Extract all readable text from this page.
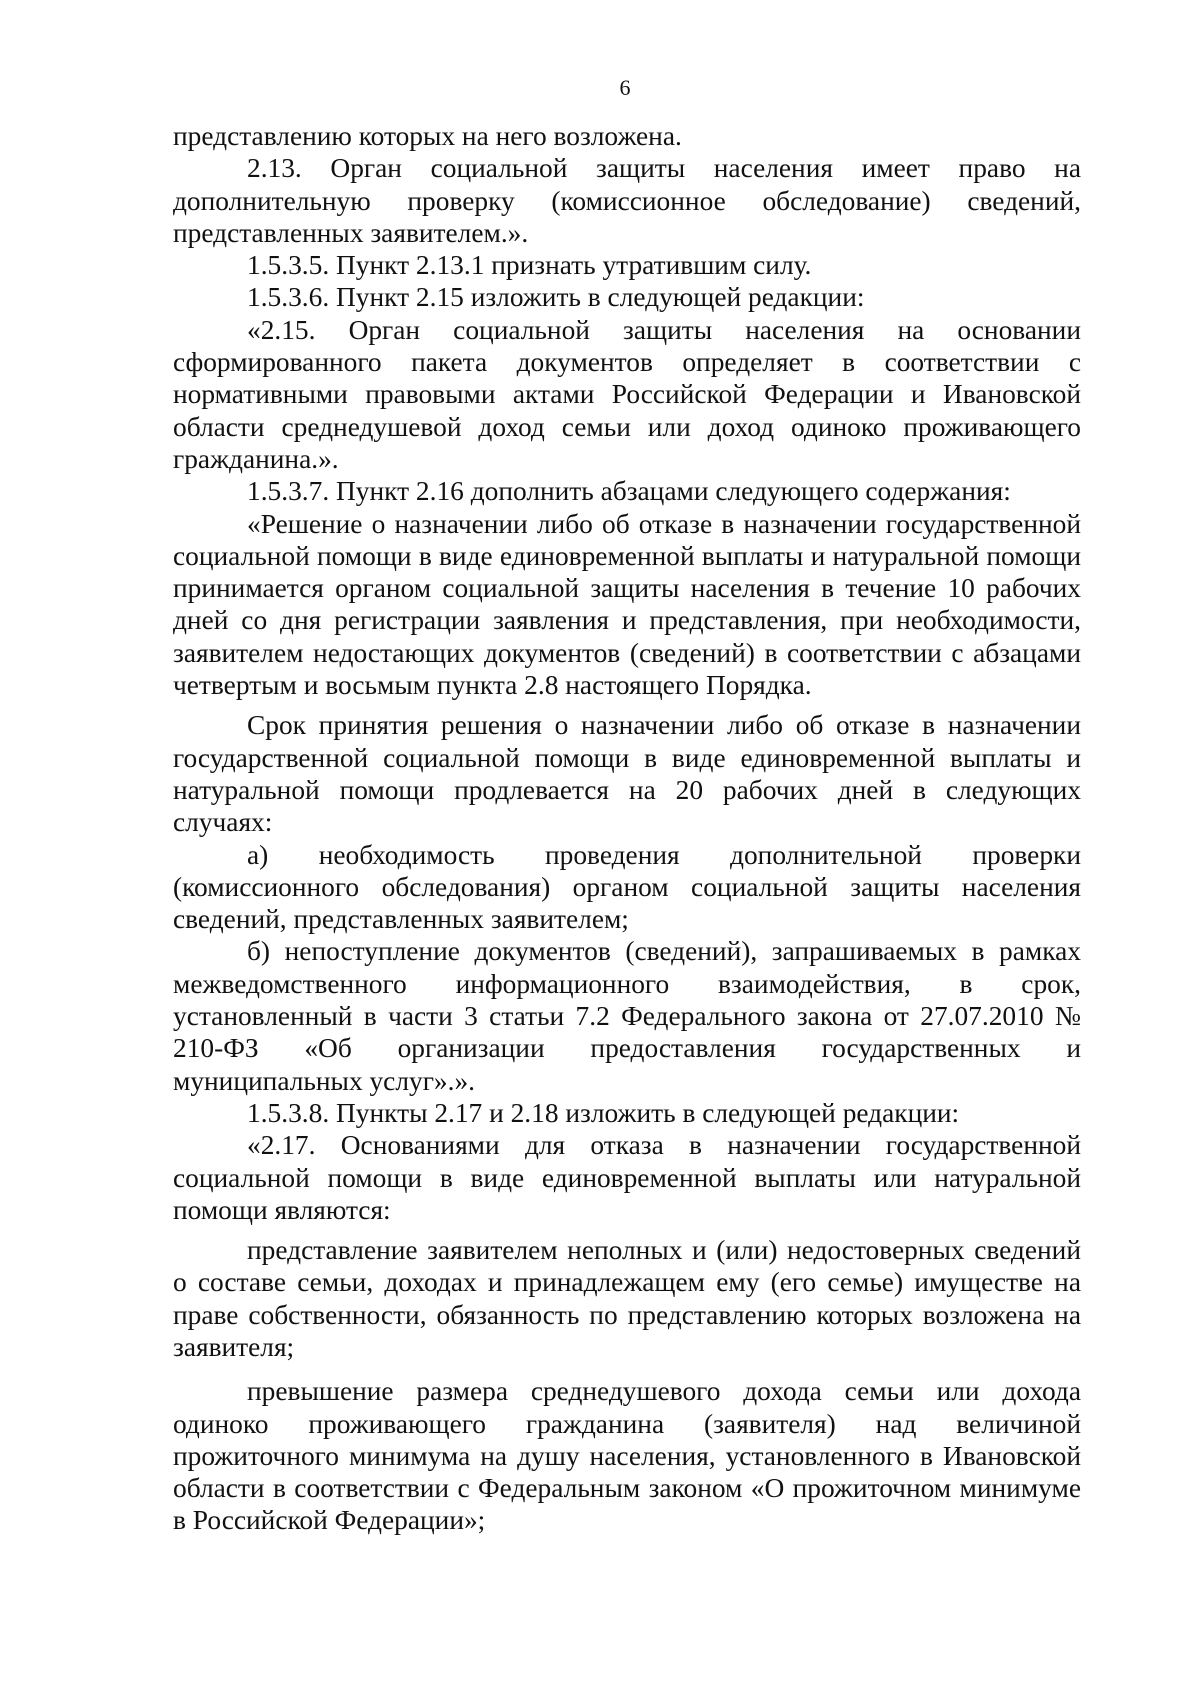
6

представлению которых на него возложена.

2.13. Орган социальной защиты населения имеет право на дополнительную проверку (комиссионное обследование) сведений, представленных заявителем.».

1.5.3.5. Пункт 2.13.1 признать утратившим силу.

1.5.3.6. Пункт 2.15 изложить в следующей редакции:

«2.15. Орган социальной защиты населения на основании сформированного пакета документов определяет в соответствии с нормативными правовыми актами Российской Федерации и Ивановской области среднедушевой доход семьи или доход одиноко проживающего гражданина.».

1.5.3.7. Пункт 2.16 дополнить абзацами следующего содержания:

«Решение о назначении либо об отказе в назначении государственной социальной помощи в виде единовременной выплаты и натуральной помощи принимается органом социальной защиты населения в течение 10 рабочих дней со дня регистрации заявления и представления, при необходимости, заявителем недостающих документов (сведений) в соответствии с абзацами четвертым и восьмым пункта 2.8 настоящего Порядка.

Срок принятия решения о назначении либо об отказе в назначении государственной социальной помощи в виде единовременной выплаты и натуральной помощи продлевается на 20 рабочих дней в следующих случаях:

а) необходимость проведения дополнительной проверки (комиссионного обследования) органом социальной защиты населения сведений, представленных заявителем;

б) непоступление документов (сведений), запрашиваемых в рамках межведомственного информационного взаимодействия, в срок, установленный в части 3 статьи 7.2 Федерального закона от 27.07.2010 № 210-ФЗ «Об организации предоставления государственных и муниципальных услуг».».

1.5.3.8. Пункты 2.17 и 2.18 изложить в следующей редакции:

«2.17. Основаниями для отказа в назначении государственной социальной помощи в виде единовременной выплаты или натуральной помощи являются:

представление заявителем неполных и (или) недостоверных сведений о составе семьи, доходах и принадлежащем ему (его семье) имуществе на праве собственности, обязанность по представлению которых возложена на заявителя;

превышение размера среднедушевого дохода семьи или дохода одиноко проживающего гражданина (заявителя) над величиной прожиточного минимума на душу населения, установленного в Ивановской области в соответствии с Федеральным законом «О прожиточном минимуме в Российской Федерации»;
